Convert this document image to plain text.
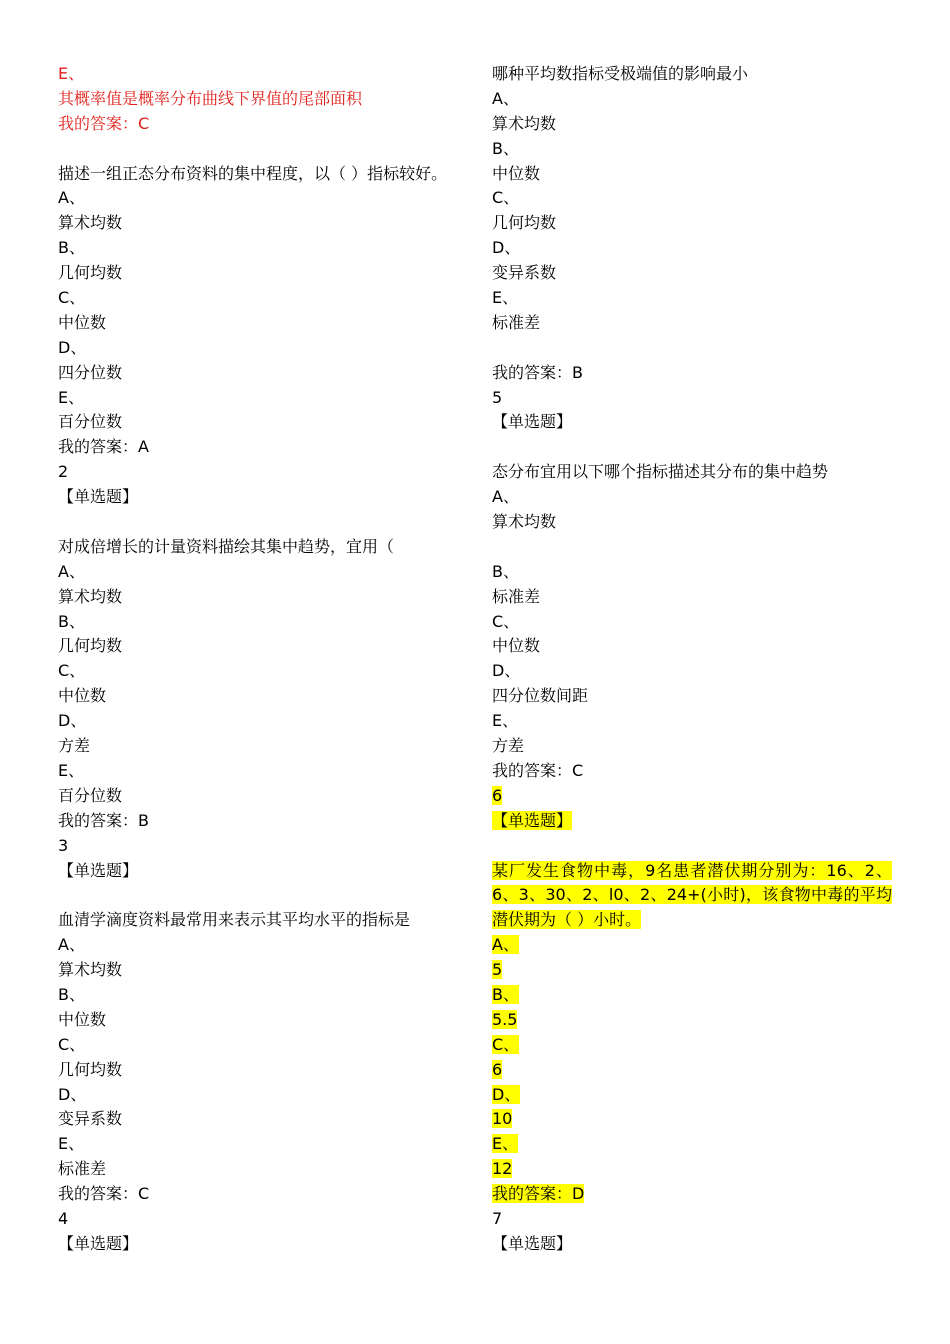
E、
其概率值是概率分布曲线下界值的尾部面积
我的答案：C
描述一组正态分布资料的集中程度，以（ ）指标较好。
A、
算术均数
B、
几何均数
C、
中位数
D、
四分位数
E、
百分位数
我的答案：A
2
【单选题】
对成倍增长的计量资料描绘其集中趋势，宜用（
A、
算术均数
B、
几何均数
C、
中位数
D、
方差
E、
百分位数
我的答案：B
3
【单选题】
血清学滴度资料最常用来表示其平均水平的指标是
A、
算术均数
B、
中位数
C、
几何均数
D、
变异系数
E、
标准差
我的答案：C
4
【单选题】
哪种平均数指标受极端值的影响最小
A、
算术均数
B、
中位数
C、
几何均数
D、
变异系数
E、
标准差
我的答案：B
5
【单选题】
态分布宜用以下哪个指标描述其分布的集中趋势
A、
算术均数
B、
标准差
C、
中位数
D、
四分位数间距
E、
方差
我的答案：C
6
【单选题】
某厂发生食物中毒，9名患者潜伏期分别为：16、2、6、3、30、2、l0、2、24+(小时)，该食物中毒的平均潜伏期为（ ）小时。
A、
5
B、
5.5
C、
6
D、
10
E、
12
我的答案：D
7
【单选题】
